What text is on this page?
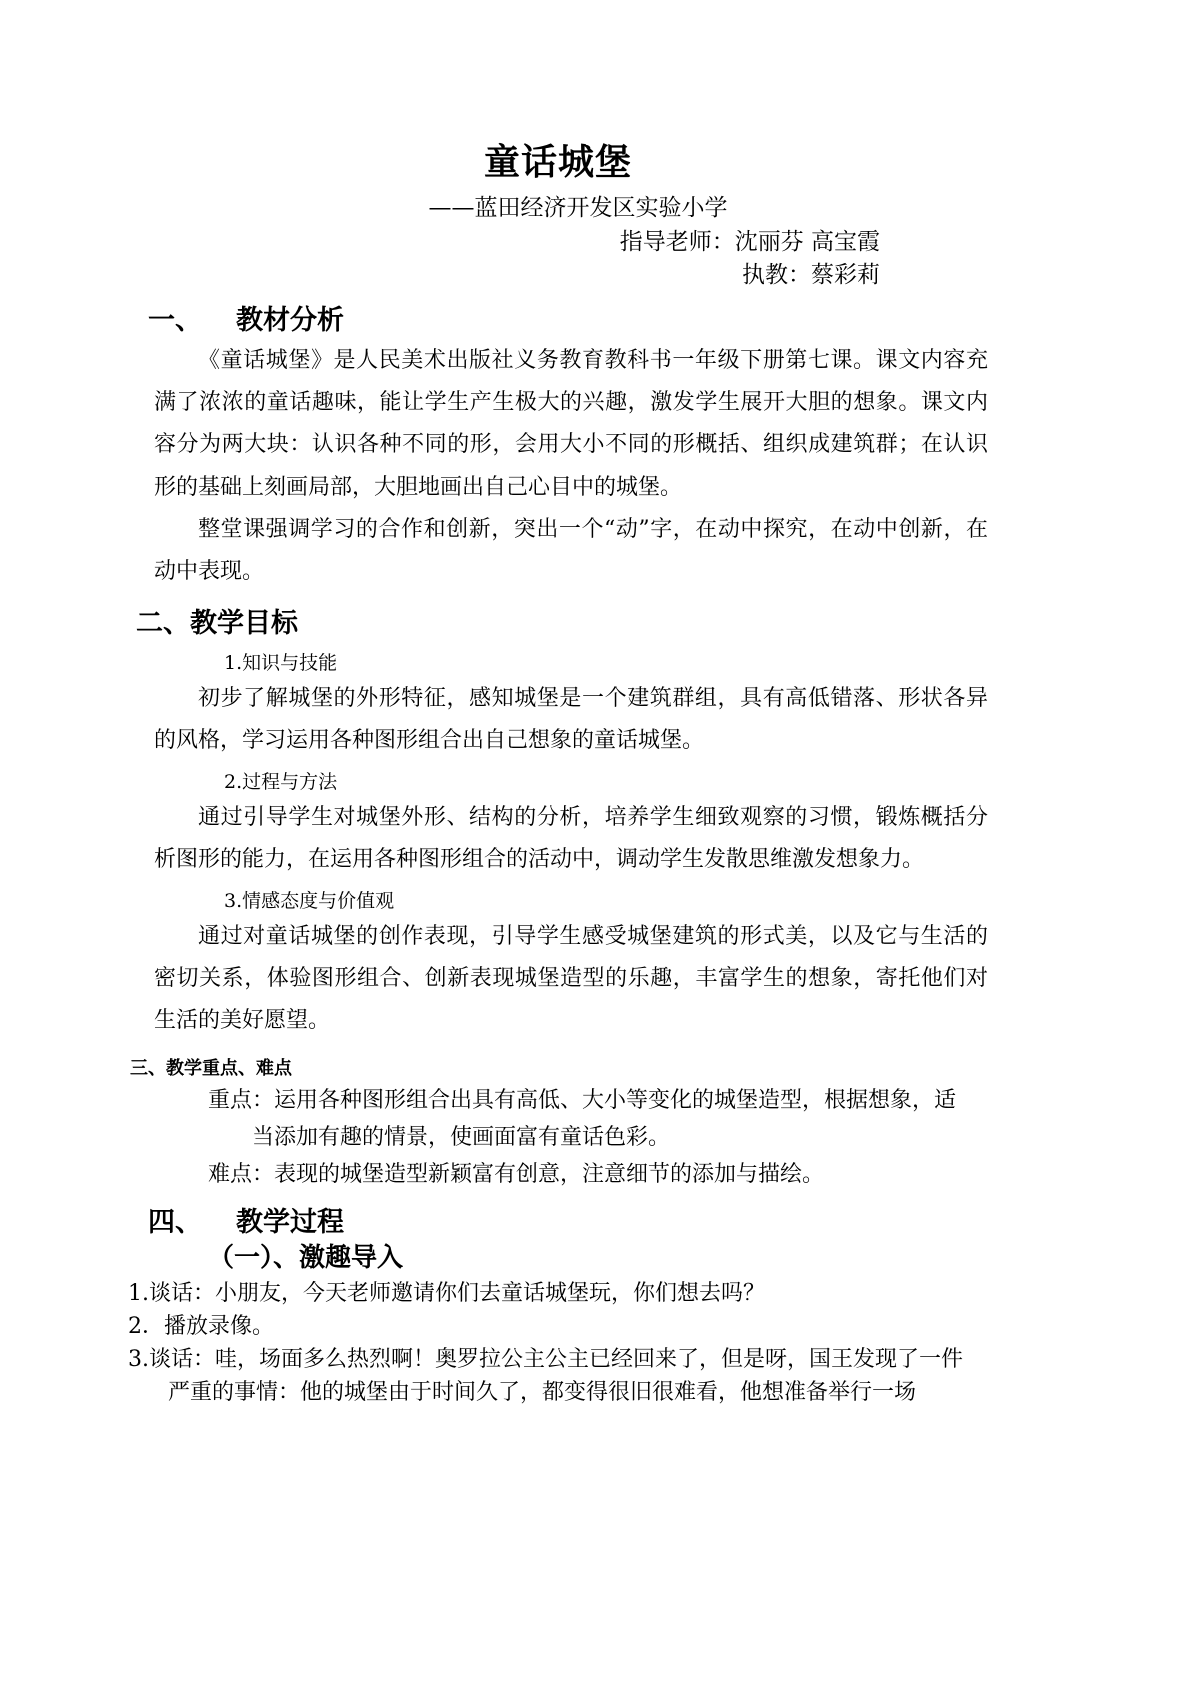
童话城堡
——蓝田经济开发区实验小学
指导老师：沈丽芬 高宝霞
执教：蔡彩莉
一、 教材分析

《童话城堡》是人民美术出版社义务教育教科书一年级下册第七课。课文内容充满了浓浓的童话趣味，能让学生产生极大的兴趣，激发学生展开大胆的想象。课文内容分为两大块：认识各种不同的形，会用大小不同的形概括、组织成建筑群；在认识形的基础上刻画局部，大胆地画出自己心目中的城堡。

整堂课强调学习的合作和创新，突出一个“动”字，在动中探究，在动中创新，在动中表现。

二、教学目标

1.知识与技能

初步了解城堡的外形特征，感知城堡是一个建筑群组，具有高低错落、形状各异的风格，学习运用各种图形组合出自己想象的童话城堡。

2.过程与方法

通过引导学生对城堡外形、结构的分析，培养学生细致观察的习惯，锻炼概括分析图形的能力，在运用各种图形组合的活动中，调动学生发散思维激发想象力。

3.情感态度与价值观

通过对童话城堡的创作表现，引导学生感受城堡建筑的形式美，以及它与生活的密切关系，体验图形组合、创新表现城堡造型的乐趣，丰富学生的想象，寄托他们对生活的美好愿望。

三、教学重点、难点

重点：运用各种图形组合出具有高低、大小等变化的城堡造型，根据想象，适

当添加有趣的情景，使画面富有童话色彩。

难点：表现的城堡造型新颖富有创意，注意细节的添加与描绘。

四、 教学过程
（一）、激趣导入

1.谈话：小朋友，今天老师邀请你们去童话城堡玩，你们想去吗？

2．播放录像。

3.谈话：哇，场面多么热烈啊！奥罗拉公主公主已经回来了，但是呀，国王发现了一件

严重的事情：他的城堡由于时间久了，都变得很旧很难看，他想准备举行一场
